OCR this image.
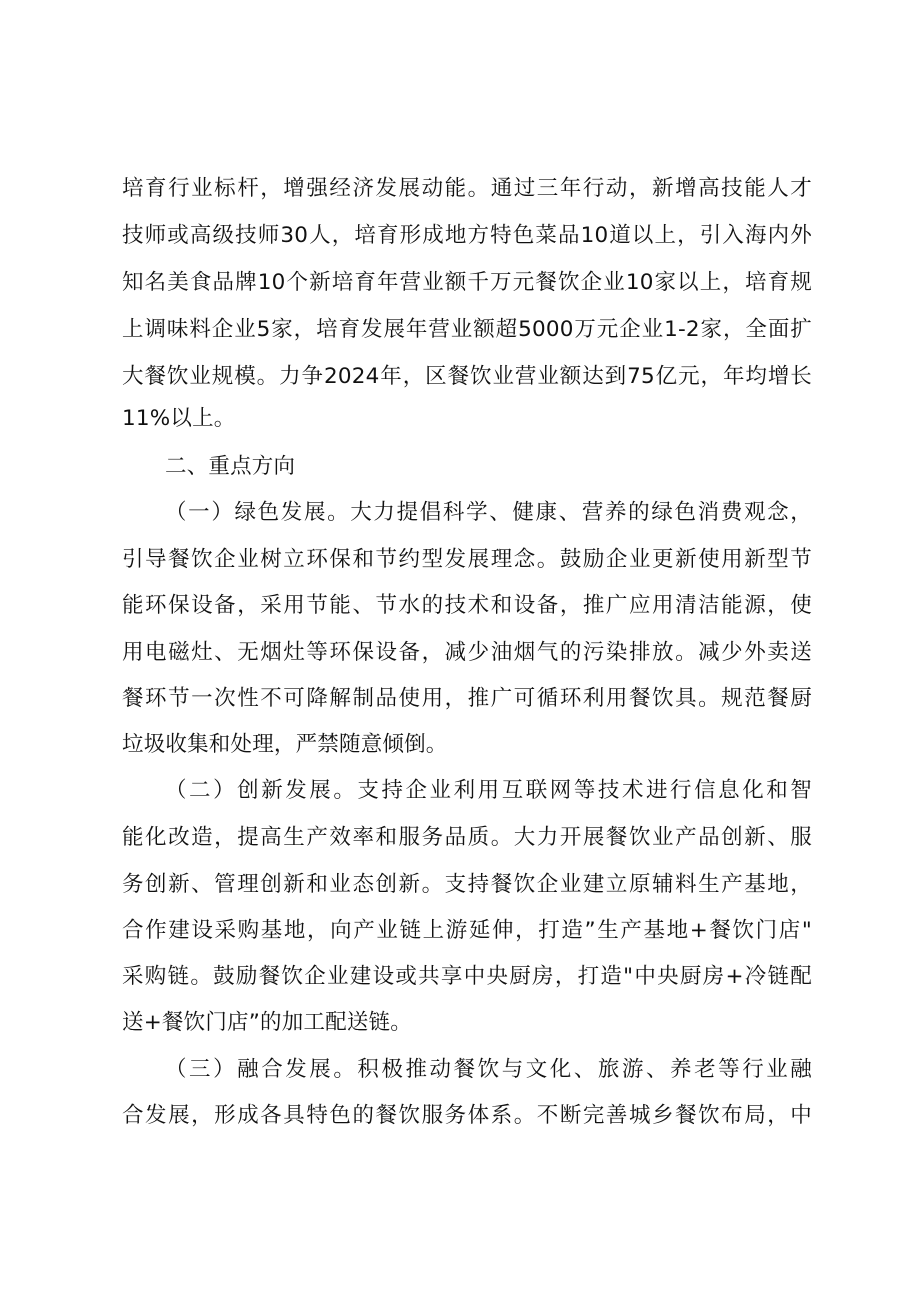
培育行业标杆，增强经济发展动能。通过三年行动，新增高技能人才
技师或高级技师30人，培育形成地方特色菜品10道以上，引入海内外
知名美食品牌10个新培育年营业额千万元餐饮企业10家以上，培育规
上调味料企业5家，培育发展年营业额超5000万元企业1-2家，全面扩
大餐饮业规模。力争2024年，区餐饮业营业额达到75亿元，年均增长
11%以上。
二、重点方向
（一）绿色发展。大力提倡科学、健康、营养的绿色消费观念，
引导餐饮企业树立环保和节约型发展理念。鼓励企业更新使用新型节
能环保设备，采用节能、节水的技术和设备，推广应用清洁能源，使
用电磁灶、无烟灶等环保设备，减少油烟气的污染排放。减少外卖送
餐环节一次性不可降解制品使用，推广可循环利用餐饮具。规范餐厨
垃圾收集和处理，严禁随意倾倒。
（二）创新发展。支持企业利用互联网等技术进行信息化和智
能化改造，提高生产效率和服务品质。大力开展餐饮业产品创新、服
务创新、管理创新和业态创新。支持餐饮企业建立原辅料生产基地，
合作建设采购基地，向产业链上游延伸，打造”生产基地+餐饮门店"
采购链。鼓励餐饮企业建设或共享中央厨房，打造"中央厨房+冷链配
送+餐饮门店”的加工配送链。
（三）融合发展。积极推动餐饮与文化、旅游、养老等行业融
合发展，形成各具特色的餐饮服务体系。不断完善城乡餐饮布局，中
